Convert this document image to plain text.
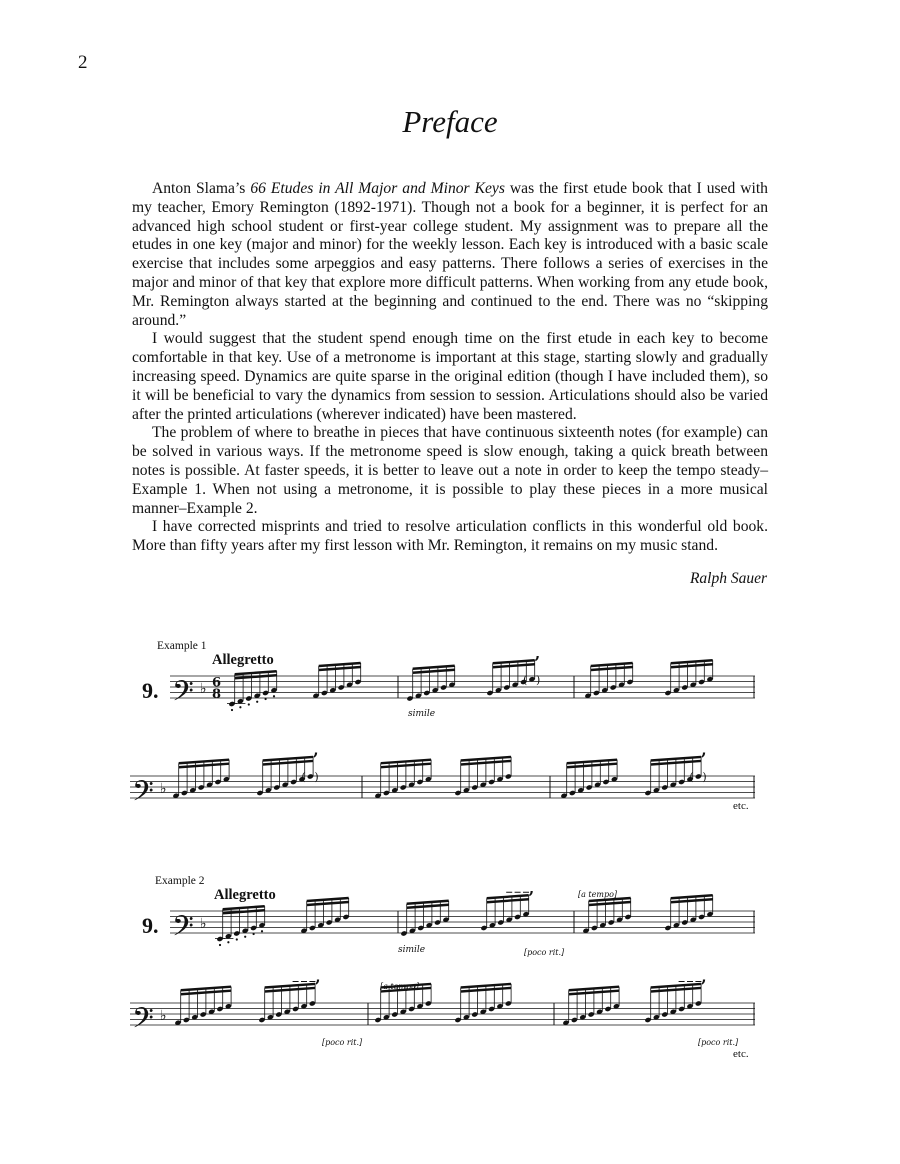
2
Preface

Anton Slama’s 66 Etudes in All Major and Minor Keys was the first etude book that I used with my teacher, Emory Remington (1892-1971). Though not a book for a beginner, it is perfect for an advanced high school student or first-year college student. My assignment was to prepare all the etudes in one key (major and minor) for the weekly lesson. Each key is introduced with a basic scale exercise that includes some arpeggios and easy patterns. There follows a series of exercises in the major and minor of that key that explore more difficult patterns. When working from any etude book, Mr. Remington always started at the beginning and continued to the end. There was no “skipping around.”

I would suggest that the student spend enough time on the first etude in each key to become comfortable in that key. Use of a metronome is important at this stage, starting slowly and gradually increasing speed. Dynamics are quite sparse in the original edition (though I have included them), so it will be beneficial to vary the dynamics from session to session. Articulations should also be varied after the printed articulations (wherever indicated) have been mastered.

The problem of where to breathe in pieces that have continuous sixteenth notes (for example) can be solved in various ways. If the metronome speed is slow enough, taking a quick breath between notes is possible. At faster speeds, it is better to leave out a note in order to keep the tempo steady–Example 1. When not using a metronome, it is possible to play these pieces in a more musical manner–Example 2.

I have corrected misprints and tried to resolve articulation conflicts in this wonderful old book. More than fifty years after my first lesson with Mr. Remington, it remains on my music stand.

Ralph Sauer
Example 1
Allegretto
9. 𝄢 ♭ 6
8
,
( )
simile
𝄢 ♭
,
( )
,
( )
etc.
Example 2
Allegretto
9. 𝄢 ♭
,
simile	[poco rit.]
[a tempo]
𝄢 ♭
,	,
[poco rit.]
[a tempo]
[poco rit.]
etc.
